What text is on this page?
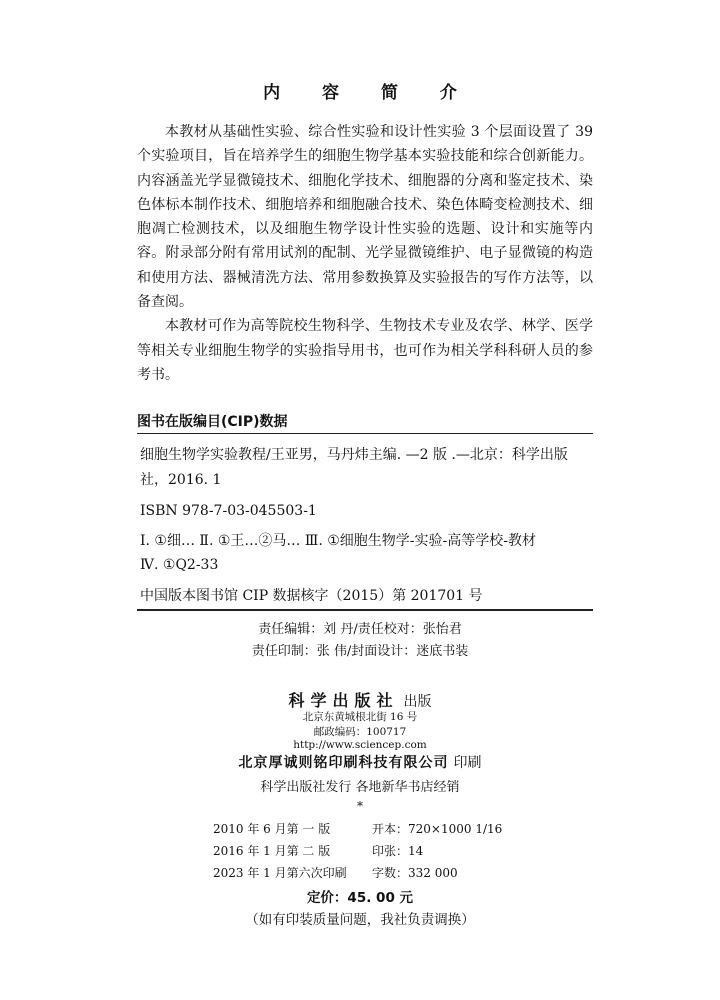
内 容 简 介

本教材从基础性实验、综合性实验和设计性实验 3 个层面设置了 39个实验项目，旨在培养学生的细胞生物学基本实验技能和综合创新能力。内容涵盖光学显微镜技术、细胞化学技术、细胞器的分离和鉴定技术、染色体标本制作技术、细胞培养和细胞融合技术、染色体畸变检测技术、细胞凋亡检测技术，以及细胞生物学设计性实验的选题、设计和实施等内容。附录部分附有常用试剂的配制、光学显微镜维护、电子显微镜的构造和使用方法、器械清洗方法、常用参数换算及实验报告的写作方法等，以备查阅。

本教材可作为高等院校生物科学、生物技术专业及农学、林学、医学等相关专业细胞生物学的实验指导用书，也可作为相关学科科研人员的参考书。

图书在版编目(CIP)数据
细胞生物学实验教程/王亚男，马丹炜主编. —2 版 .—北京：科学出版
社，2016. 1
ISBN 978-7-03-045503-1
Ⅰ. ①细… Ⅱ. ①王…②马… Ⅲ. ①细胞生物学-实验-高等学校-教材
Ⅳ. ①Q2-33
中国版本图书馆 CIP 数据核字（2015）第 201701 号
责任编辑：刘 丹/责任校对：张怡君
责任印制：张 伟/封面设计：迷底书装
科学出版社 出版
北京东黄城根北街 16 号
邮政编码：100717
http://www.sciencep.com
北京厚诚则铭印刷科技有限公司 印刷
科学出版社发行 各地新华书店经销
*
2010 年 6 月第 一 版	开本：720×1000 1/16
2016 年 1 月第 二 版	印张：14
2023 年 1 月第六次印刷 字数：332 000
定价：45. 00 元
（如有印装质量问题，我社负责调换）
